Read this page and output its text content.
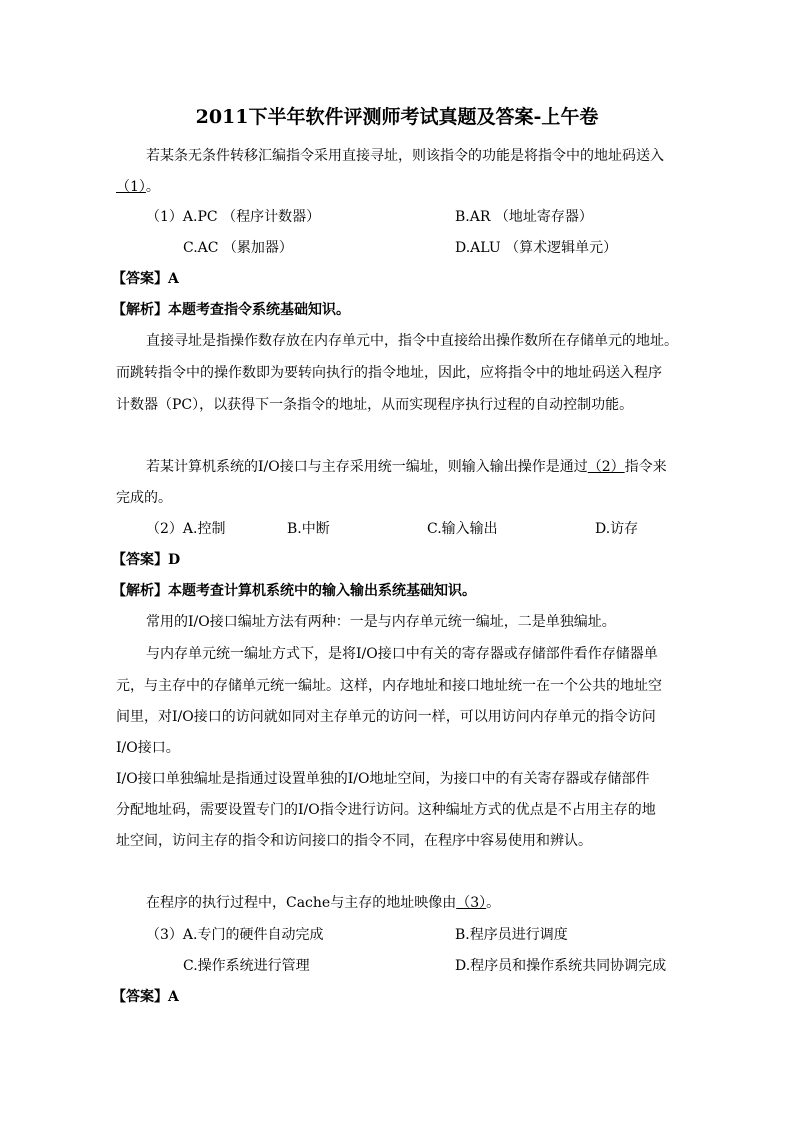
2011下半年软件评测师考试真题及答案-上午卷
若某条无条件转移汇编指令采用直接寻址，则该指令的功能是将指令中的地址码送入
（1）。
（1）A.PC （程序计数器）	B.AR （地址寄存器）
C.AC （累加器）	D.ALU （算术逻辑单元）
【答案】A
【解析】本题考查指令系统基础知识。
直接寻址是指操作数存放在内存单元中，指令中直接给出操作数所在存储单元的地址。
而跳转指令中的操作数即为要转向执行的指令地址，因此，应将指令中的地址码送入程序
计数器（PC），以获得下一条指令的地址，从而实现程序执行过程的自动控制功能。
若某计算机系统的I/O接口与主存采用统一编址，则输入输出操作是通过（2）指令来
完成的。
（2）A.控制	B.中断	C.输入输出	D.访存
【答案】D
【解析】本题考查计算机系统中的输入输出系统基础知识。
常用的I/O接口编址方法有两种：一是与内存单元统一编址，二是单独编址。
与内存单元统一编址方式下，是将I/O接口中有关的寄存器或存储部件看作存储器单
元，与主存中的存储单元统一编址。这样，内存地址和接口地址统一在一个公共的地址空
间里，对I/O接口的访问就如同对主存单元的访问一样，可以用访问内存单元的指令访问
I/O接口。
I/O接口单独编址是指通过设置单独的I/O地址空间，为接口中的有关寄存器或存储部件
分配地址码，需要设置专门的I/O指令进行访问。这种编址方式的优点是不占用主存的地
址空间，访问主存的指令和访问接口的指令不同，在程序中容易使用和辨认。
在程序的执行过程中，Cache与主存的地址映像由（3）。
（3）A.专门的硬件自动完成	B.程序员进行调度
C.操作系统进行管理	D.程序员和操作系统共同协调完成
【答案】A
